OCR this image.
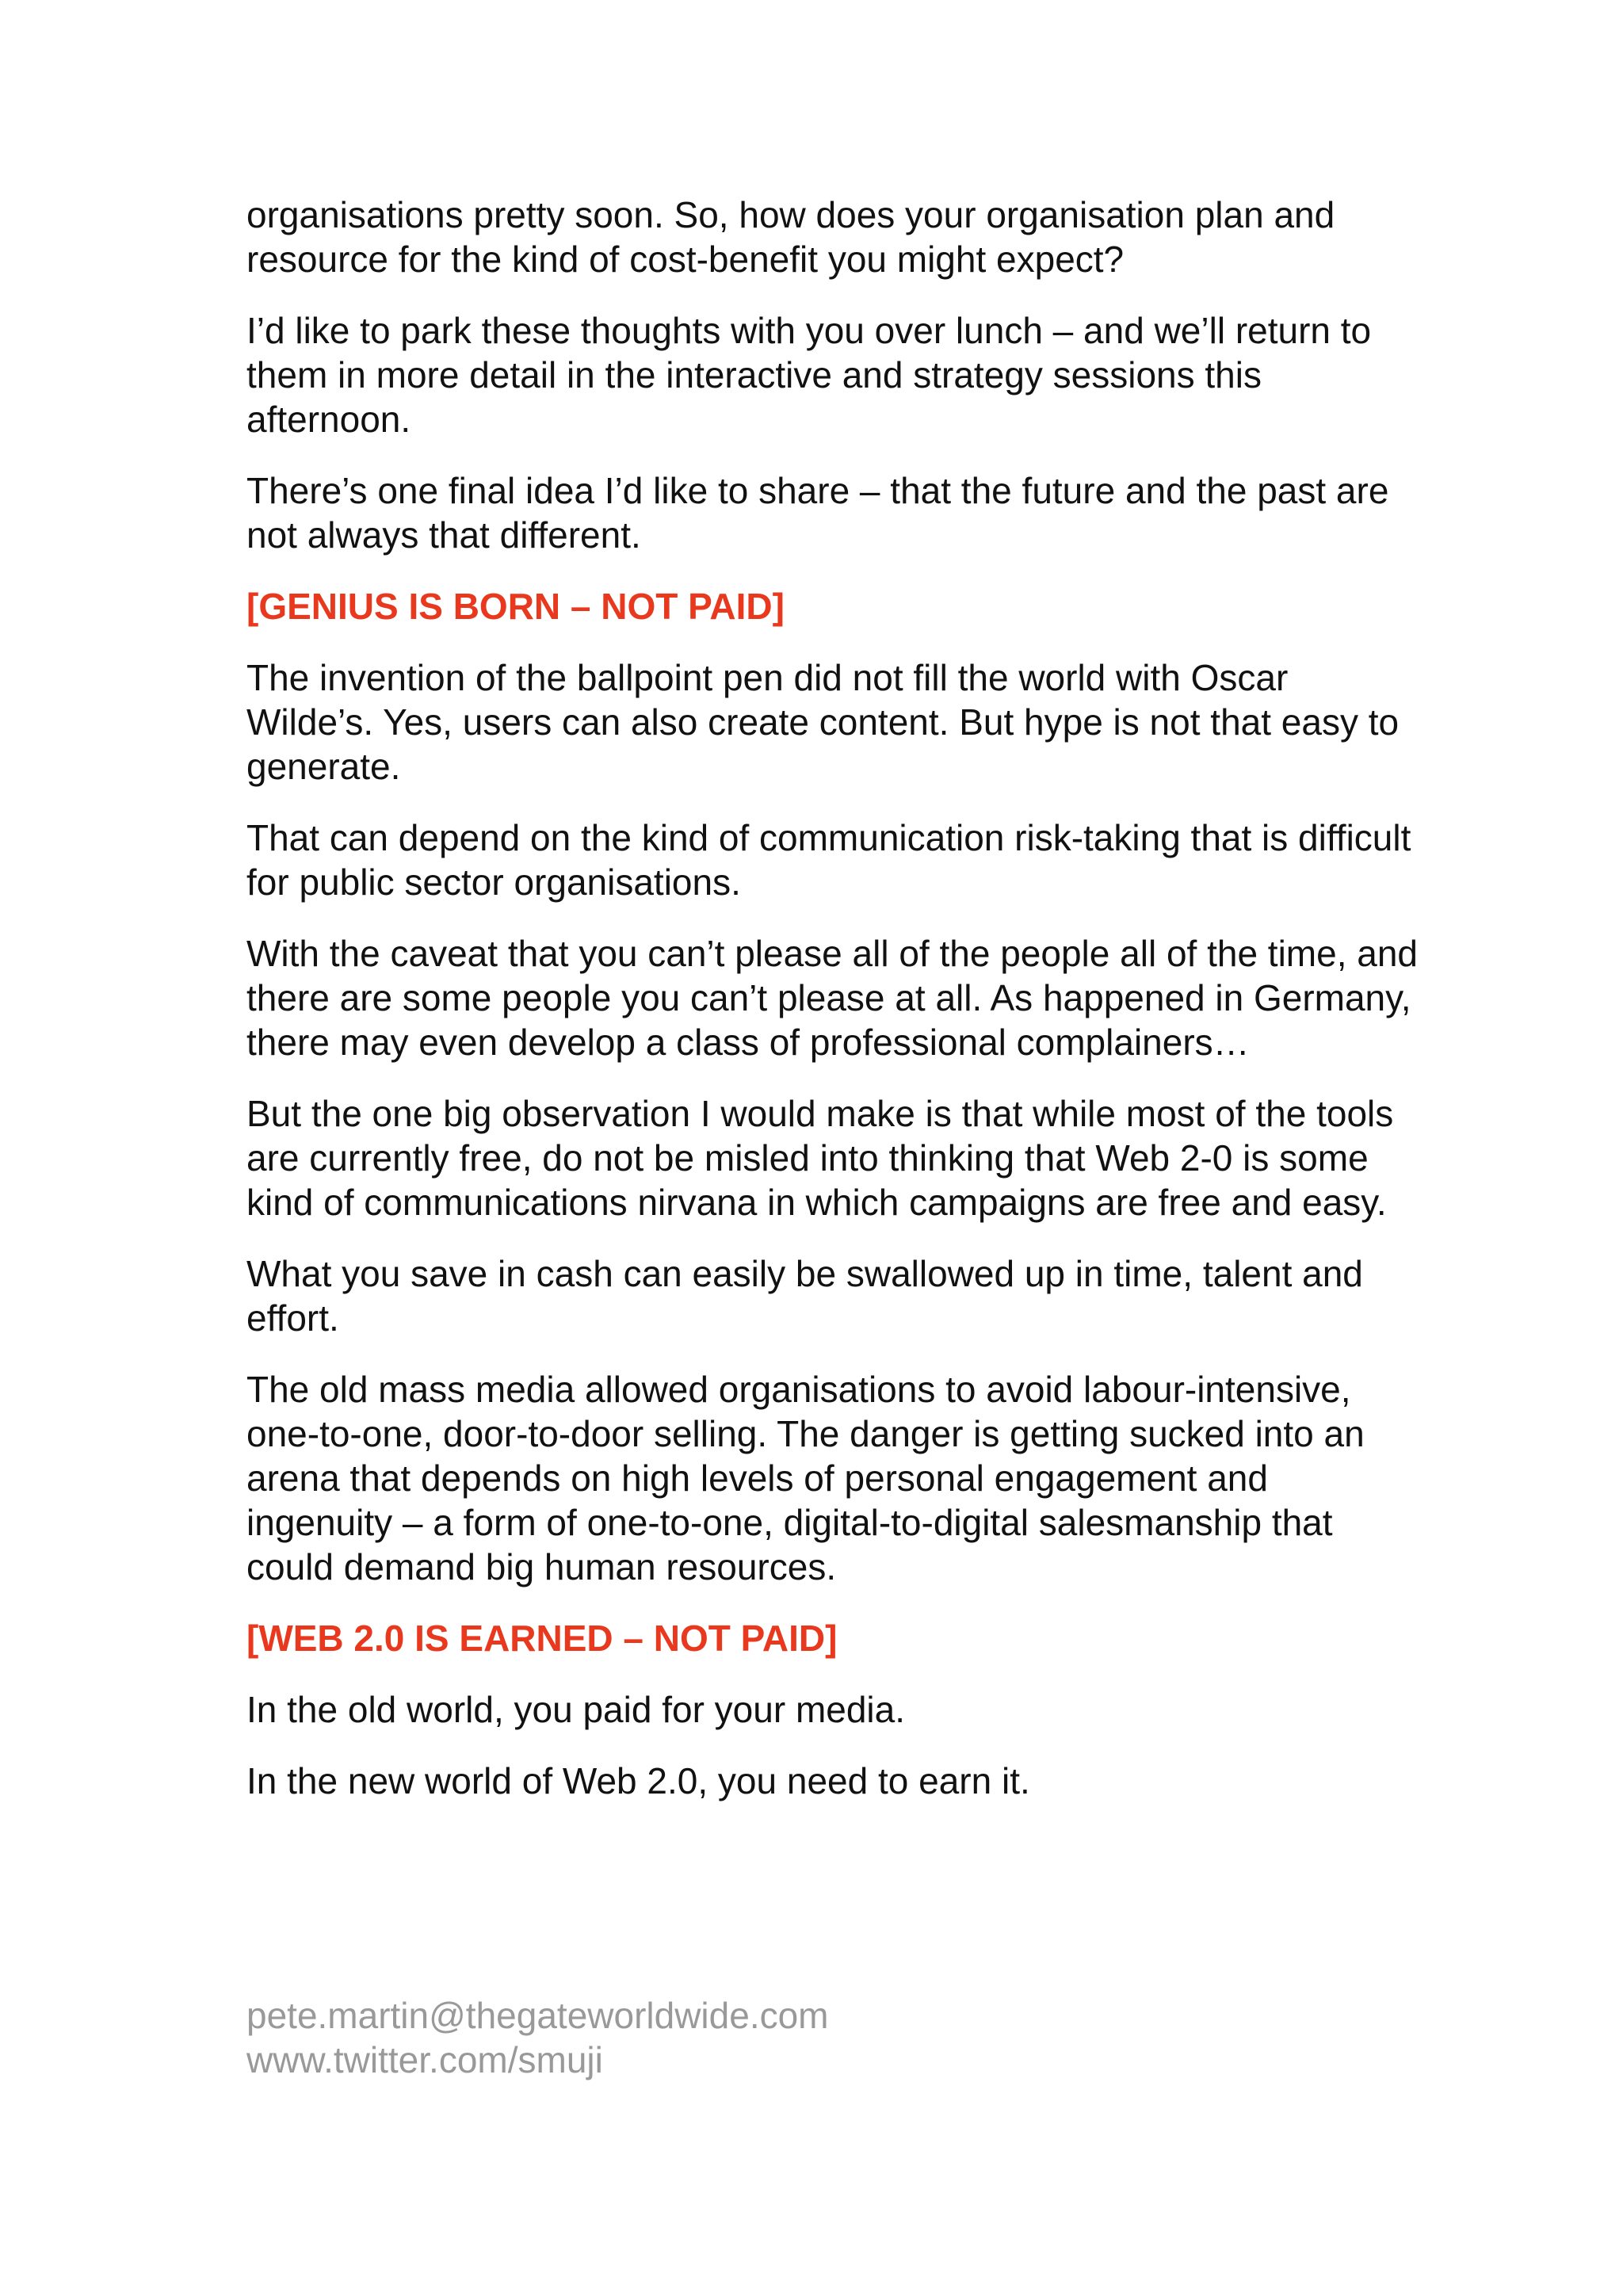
organisations pretty soon. So, how does your organisation plan and resource for the kind of cost-benefit you might expect?

I’d like to park these thoughts with you over lunch – and we’ll return to them in more detail in the interactive and strategy sessions this afternoon.

There’s one final idea I’d like to share – that the future and the past are not always that different.

[GENIUS IS BORN – NOT PAID]

The invention of the ballpoint pen did not fill the world with Oscar Wilde’s. Yes, users can also create content. But hype is not that easy to generate.

That can depend on the kind of communication risk-taking that is difficult for public sector organisations.

With the caveat that you can’t please all of the people all of the time, and there are some people you can’t please at all. As happened in Germany, there may even develop a class of professional complainers…

But the one big observation I would make is that while most of the tools are currently free, do not be misled into thinking that Web 2-0 is some kind of communications nirvana in which campaigns are free and easy.

What you save in cash can easily be swallowed up in time, talent and effort.

The old mass media allowed organisations to avoid labour-intensive, one-to-one, door-to-door selling. The danger is getting sucked into an arena that depends on high levels of personal engagement and ingenuity – a form of one-to-one, digital-to-digital salesmanship that could demand big human resources.

[WEB 2.0 IS EARNED – NOT PAID]

In the old world, you paid for your media.

In the new world of Web 2.0, you need to earn it.

pete.martin@thegateworldwide.com
www.twitter.com/smuji
